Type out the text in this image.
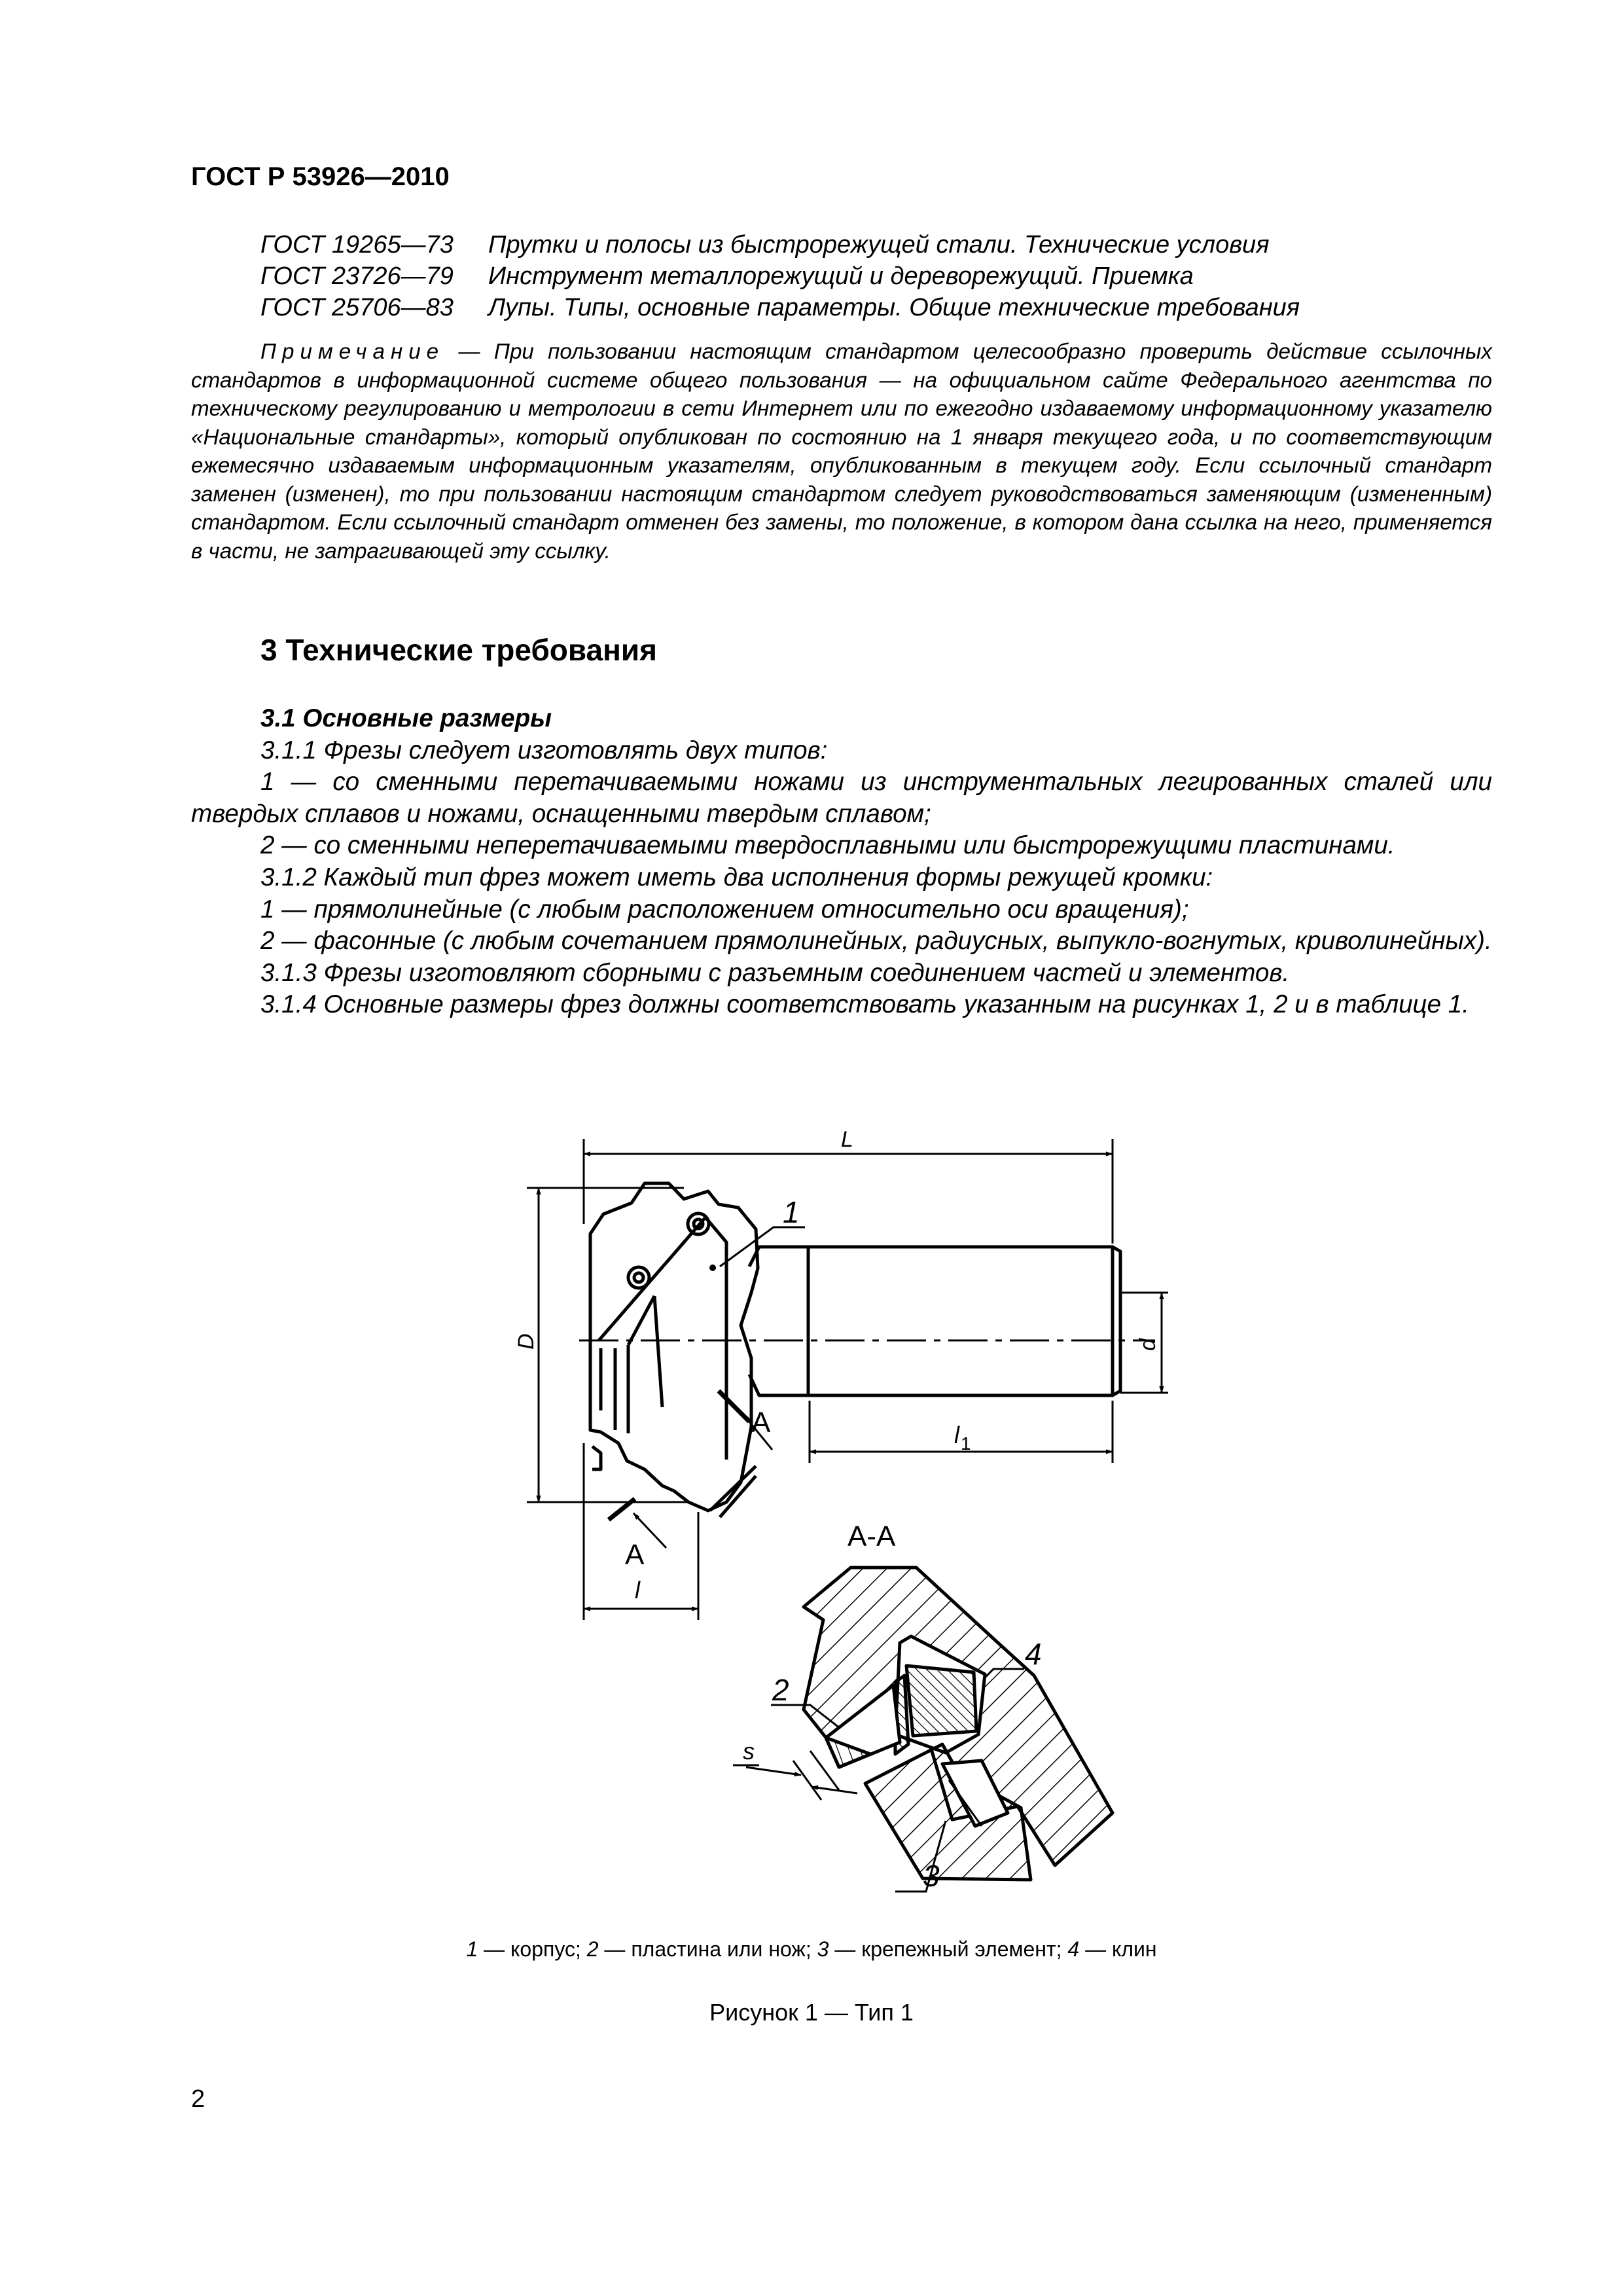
ГОСТ Р 53926—2010
ГОСТ 19265—73	Прутки и полосы из быстрорежущей стали. Технические условия
ГОСТ 23726—79	Инструмент металлорежущий и дереворежущий. Приемка
ГОСТ 25706—83	Лупы. Типы, основные параметры. Общие технические требования

Примечание — При пользовании настоящим стандартом целесообразно проверить действие ссылочных стандартов в информационной системе общего пользования — на официальном сайте Федерального агентства по техническому регулированию и метрологии в сети Интернет или по ежегодно издаваемому информационному указателю «Национальные стандарты», который опубликован по состоянию на 1 января текущего года, и по соответствующим ежемесячно издаваемым информационным указателям, опубликованным в текущем году. Если ссылочный стандарт заменен (изменен), то при пользовании настоящим стандартом следует руководствоваться заменяющим (измененным) стандартом. Если ссылочный стандарт отменен без замены, то положение, в котором дана ссылка на него, применяется в части, не затрагивающей эту ссылку.

3 Технические требования

3.1 Основные размеры

3.1.1 Фрезы следует изготовлять двух типов:

1 — со сменными перетачиваемыми ножами из инструментальных легированных сталей или твердых сплавов и ножами, оснащенными твердым сплавом;

2 — со сменными неперетачиваемыми твердосплавными или быстрорежущими пластинами.

3.1.2 Каждый тип фрез может иметь два исполнения формы режущей кромки:

1 — прямолинейные (с любым расположением относительно оси вращения);

2 — фасонные (с любым сочетанием прямолинейных, радиусных, выпукло-вогнутых, криволинейных).

3.1.3 Фрезы изготовляют сборными с разъемным соединением частей и элементов.

3.1.4 Основные размеры фрез должны соответствовать указанным на рисунках 1, 2 и в таблице 1.

L
D	d
$l_1$
l
s
A
A
A-A
1
2
4
3

1 — корпус; 2 — пластина или нож; 3 — крепежный элемент; 4 — клин

Рисунок 1 — Тип 1

2
